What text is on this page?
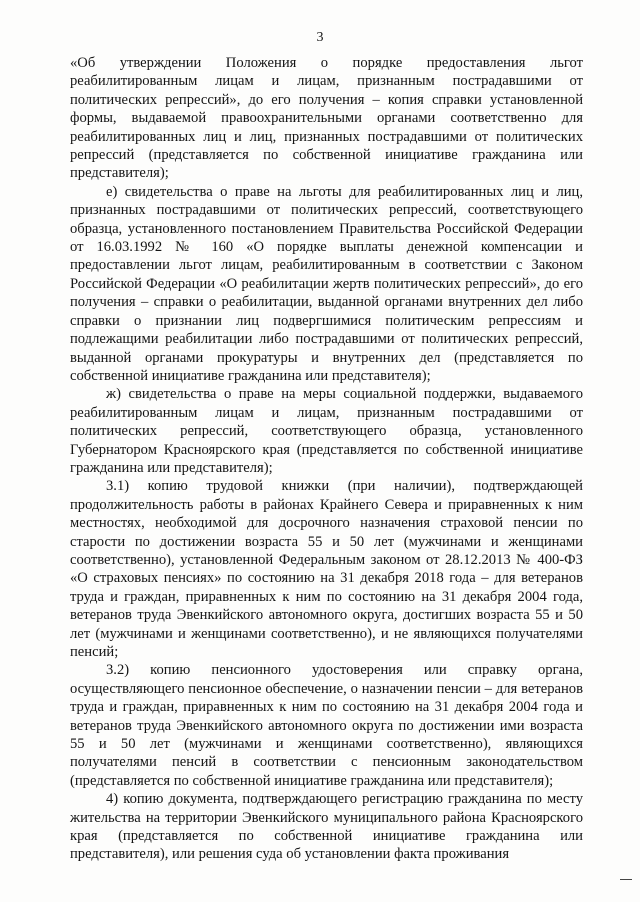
3

«Об утверждении Положения о порядке предоставления льгот реабилитированным лицам и лицам, признанным пострадавшими от политических репрессий», до его получения – копия справки установленной формы, выдаваемой правоохранительными органами соответственно для реабилитированных лиц и лиц, признанных пострадавшими от политических репрессий (представляется по собственной инициативе гражданина или представителя);

е) свидетельства о праве на льготы для реабилитированных лиц и лиц, признанных пострадавшими от политических репрессий, соответствующего образца, установленного постановлением Правительства Российской Федерации от 16.03.1992 № 160 «О порядке выплаты денежной компенсации и предоставлении льгот лицам, реабилитированным в соответствии с Законом Российской Федерации «О реабилитации жертв политических репрессий», до его получения – справки о реабилитации, выданной органами внутренних дел либо справки о признании лиц подвергшимися политическим репрессиям и подлежащими реабилитации либо пострадавшими от политических репрессий, выданной органами прокуратуры и внутренних дел (представляется по собственной инициативе гражданина или представителя);

ж) свидетельства о праве на меры социальной поддержки, выдаваемого реабилитированным лицам и лицам, признанным пострадавшими от политических репрессий, соответствующего образца, установленного Губернатором Красноярского края (представляется по собственной инициативе гражданина или представителя);

3.1) копию трудовой книжки (при наличии), подтверждающей продолжительность работы в районах Крайнего Севера и приравненных к ним местностях, необходимой для досрочного назначения страховой пенсии по старости по достижении возраста 55 и 50 лет (мужчинами и женщинами соответственно), установленной Федеральным законом от 28.12.2013 № 400-ФЗ «О страховых пенсиях» по состоянию на 31 декабря 2018 года – для ветеранов труда и граждан, приравненных к ним по состоянию на 31 декабря 2004 года, ветеранов труда Эвенкийского автономного округа, достигших возраста 55 и 50 лет (мужчинами и женщинами соответственно), и не являющихся получателями пенсий;

3.2) копию пенсионного удостоверения или справку органа, осуществляющего пенсионное обеспечение, о назначении пенсии – для ветеранов труда и граждан, приравненных к ним по состоянию на 31 декабря 2004 года и ветеранов труда Эвенкийского автономного округа по достижении ими возраста 55 и 50 лет (мужчинами и женщинами соответственно), являющихся получателями пенсий в соответствии с пенсионным законодательством (представляется по собственной инициативе гражданина или представителя);

4) копию документа, подтверждающего регистрацию гражданина по месту жительства на территории Эвенкийского муниципального района Красноярского края (представляется по собственной инициативе гражданина или представителя), или решения суда об установлении факта проживания
